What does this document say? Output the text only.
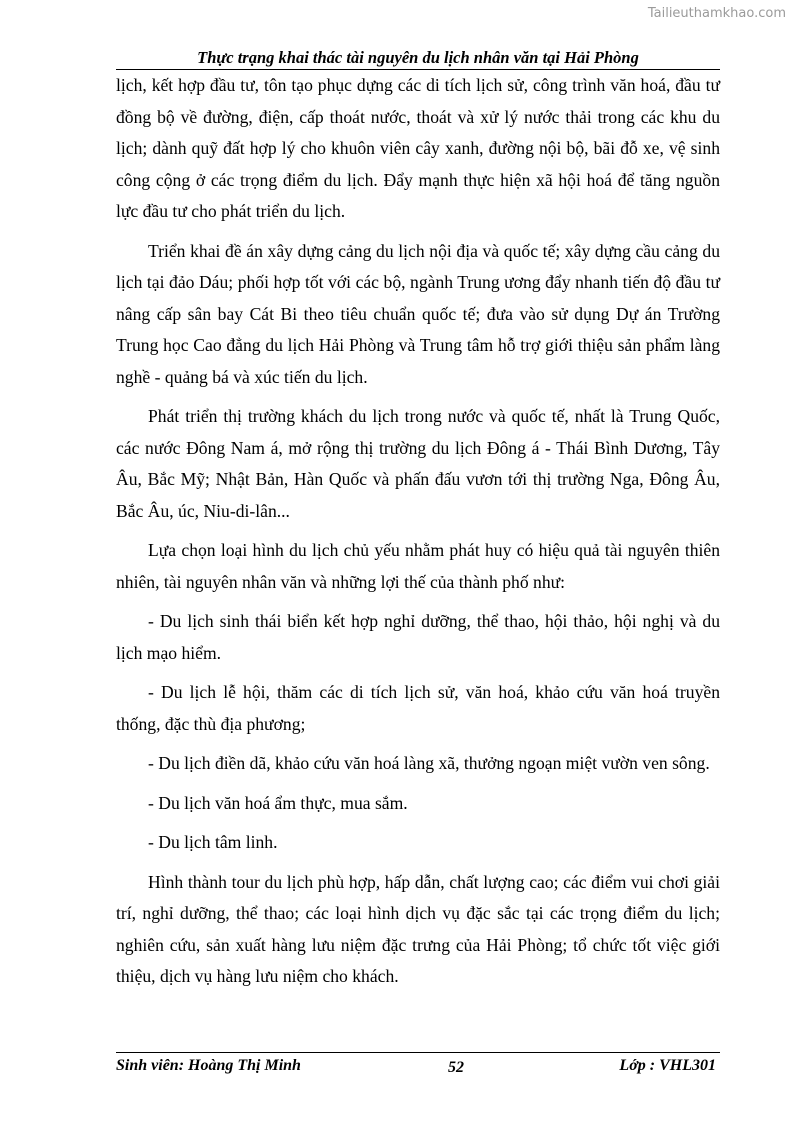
Tailieuthamkhao.com
Thực trạng khai thác tài nguyên du lịch nhân văn tại Hải Phòng

lịch, kết hợp đầu tư, tôn tạo phục dựng các di tích lịch sử, công trình văn hoá, đầu tư đồng bộ về đường, điện, cấp thoát nước, thoát và xử lý nước thải trong các khu du lịch; dành quỹ đất hợp lý cho khuôn viên cây xanh, đường nội bộ, bãi đỗ xe, vệ sinh công cộng ở các trọng điểm du lịch. Đẩy mạnh thực hiện xã hội hoá để tăng nguồn lực đầu tư cho phát triển du lịch.

Triển khai đề án xây dựng cảng du lịch nội địa và quốc tế; xây dựng cầu cảng du lịch tại đảo Dáu; phối hợp tốt với các bộ, ngành Trung ương đẩy nhanh tiến độ đầu tư nâng cấp sân bay Cát Bi theo tiêu chuẩn quốc tế; đưa vào sử dụng Dự án Trường Trung học Cao đẳng du lịch Hải Phòng và Trung tâm hỗ trợ giới thiệu sản phẩm làng nghề - quảng bá và xúc tiến du lịch.

Phát triển thị trường khách du lịch trong nước và quốc tế, nhất là Trung Quốc, các nước Đông Nam á, mở rộng thị trường du lịch Đông á - Thái Bình Dương, Tây Âu, Bắc Mỹ; Nhật Bản, Hàn Quốc và phấn đấu vươn tới thị trường Nga, Đông Âu, Bắc Âu, úc, Niu-di-lân...

Lựa chọn loại hình du lịch chủ yếu nhằm phát huy có hiệu quả tài nguyên thiên nhiên, tài nguyên nhân văn và những lợi thế của thành phố như:

- Du lịch sinh thái biển kết hợp nghỉ dưỡng, thể thao, hội thảo, hội nghị và du lịch mạo hiểm.

- Du lịch lễ hội, thăm các di tích lịch sử, văn hoá, khảo cứu văn hoá truyền thống, đặc thù địa phương;

- Du lịch điền dã, khảo cứu văn hoá làng xã, thưởng ngoạn miệt vườn ven sông.

- Du lịch văn hoá ẩm thực, mua sắm.

- Du lịch tâm linh.

Hình thành tour du lịch phù hợp, hấp dẫn, chất lượng cao; các điểm vui chơi giải trí, nghỉ dưỡng, thể thao; các loại hình dịch vụ đặc sắc tại các trọng điểm du lịch; nghiên cứu, sản xuất hàng lưu niệm đặc trưng của Hải Phòng; tổ chức tốt việc giới thiệu, dịch vụ hàng lưu niệm cho khách.

Sinh viên: Hoàng Thị Minh	52	Lớp : VHL301
